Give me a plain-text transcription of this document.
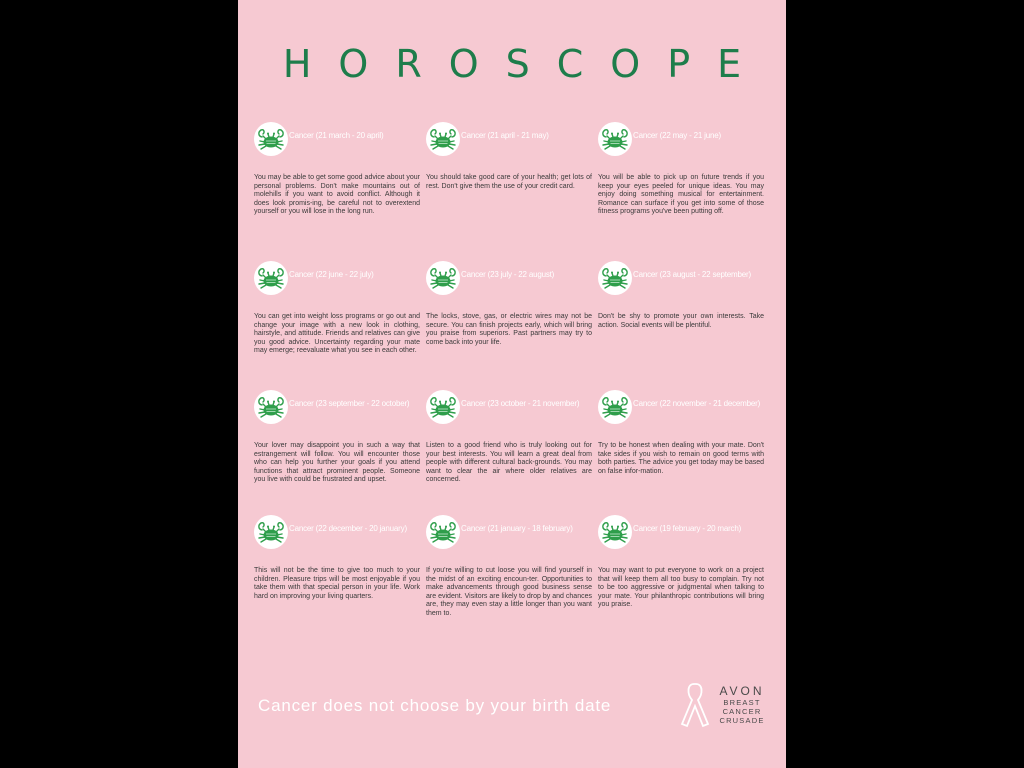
HOROSCOPE
Cancer (21 march - 20 april)
You may be able to get some good advice about your personal problems. Don't make mountains out of molehills if you want to avoid conflict. Although it does look promis-ing, be careful not to overextend yourself or you will lose in the long run.
Cancer (21 april - 21 may)
You should take good care of your health; get lots of rest. Don't give them the use of your credit card.
Cancer (22 may - 21 june)
You will be able to pick up on future trends if you keep your eyes peeled for unique ideas. You may enjoy doing something musical for entertainment. Romance can surface if you get into some of those fitness programs you've been putting off.
Cancer (22 june - 22 july)
You can get into weight loss programs or go out and change your image with a new look in clothing, hairstyle, and attitude. Friends and relatives can give you good advice. Uncertainty regarding your mate may emerge; reevaluate what you see in each other.
Cancer (23 july - 22 august)
The locks, stove, gas, or electric wires may not be secure. You can finish projects early, which will bring you praise from superiors. Past partners may try to come back into your life.
Cancer (23 august - 22 september)
Don't be shy to promote your own interests. Take action. Social events will be plentiful.
Cancer (23 september - 22 october)
Your lover may disappoint you in such a way that estrangement will follow. You will encounter those who can help you further your goals if you attend functions that attract prominent people. Someone you live with could be frustrated and upset.
Cancer (23 october - 21 november)
Listen to a good friend who is truly looking out for your best interests. You will learn a great deal from people with different cultural back-grounds. You may want to clear the air where older relatives are concerned.
Cancer (22 november - 21 december)
Try to be honest when dealing with your mate. Don't take sides if you wish to remain on good terms with both parties. The advice you get today may be based on false infor-mation.
Cancer (22 december - 20 january)
This will not be the time to give too much to your children. Pleasure trips will be most enjoyable if you take them with that special person in your life. Work hard on improving your living quarters.
Cancer (21 january - 18 february)
If you're willing to cut loose you will find yourself in the midst of an exciting encoun-ter. Opportunities to make advancements through good business sense are evident. Visitors are likely to drop by and chances are, they may even stay a little longer than you want them to.
Cancer (19 february - 20 march)
You may want to put everyone to work on a project that will keep them all too busy to complain. Try not to be too aggressive or judgmental when talking to your mate. Your philanthropic contributions will bring you praise.
Cancer does not choose by your birth date
AVON
BREAST
CANCER
CRUSADE
